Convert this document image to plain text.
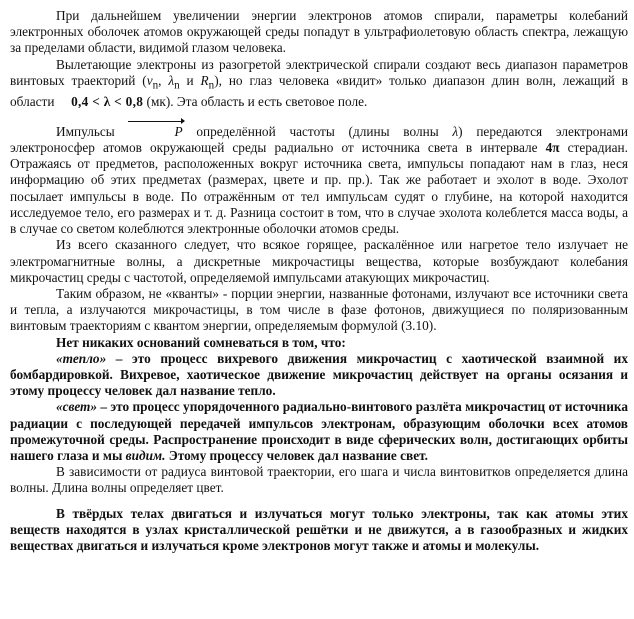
При дальнейшем увеличении энергии электронов атомов спирали, параметры колебаний электронных оболочек атомов окружающей среды попадут в ультрафиолетовую область спектра, лежащую за пределами области, видимой глазом человека.

Вылетающие электроны из разогретой электрической спирали создают весь диапазон параметров винтовых траекторий ($\nu_n$, $\lambda_n$ и $R_n$), но глаз человека «видит» только диапазон длин волн, лежащий в области 0,4 < λ < 0,8 (мк). Эта область и есть световое поле.

Импульсы	P определённой частоты (длины волны λ) передаются электронами электроносфер атомов окружающей среды радиально от источника света в интервале 4π стерадиан. Отражаясь от предметов, расположенных вокруг источника света, импульсы попадают нам в глаз, неся информацию об этих предметах (размерах, цвете и пр. пр.). Так же работает и эхолот в воде. Эхолот посылает импульсы в воде. По отражённым от тел импульсам судят о глубине, на которой находится исследуемое тело, его размерах и т. д. Разница состоит в том, что в случае эхолота колеблется масса воды, а в случае со светом колеблются электронные оболочки атомов среды.

Из всего сказанного следует, что всякое горящее, раскалённое или нагретое тело излучает не электромагнитные волны, а дискретные микрочастицы вещества, которые возбуждают колебания микрочастиц среды с частотой, определяемой импульсами атакующих микрочастиц.

Таким образом, не «кванты» - порции энергии, названные фотонами, излучают все источники света и тепла, а излучаются микрочастицы, в том числе в фазе фотонов, движущиеся по поляризованным винтовым траекториям с квантом энергии, определяемым формулой (3.10).

Нет никаких оснований сомневаться в том, что:

«тепло» – это процесс вихревого движения микрочастиц с хаотической взаимной их бомбардировкой. Вихревое, хаотическое движение микрочастиц действует на органы осязания и этому процессу человек дал название тепло.

«свет» – это процесс упорядоченного радиально-винтового разлёта микрочастиц от источника радиации с последующей передачей импульсов электронам, образующим оболочки всех атомов промежуточной среды. Распространение происходит в виде сферических волн, достигающих орбиты нашего глаза и мы видим. Этому процессу человек дал название свет.

В зависимости от радиуса винтовой траектории, его шага и числа винтовитков определяется длина волны. Длина волны определяет цвет.

В твёрдых телах двигаться и излучаться могут только электроны, так как атомы этих веществ находятся в узлах кристаллической решётки и не движутся, а в газообразных и жидких веществах двигаться и излучаться кроме электронов могут также и атомы и молекулы.
